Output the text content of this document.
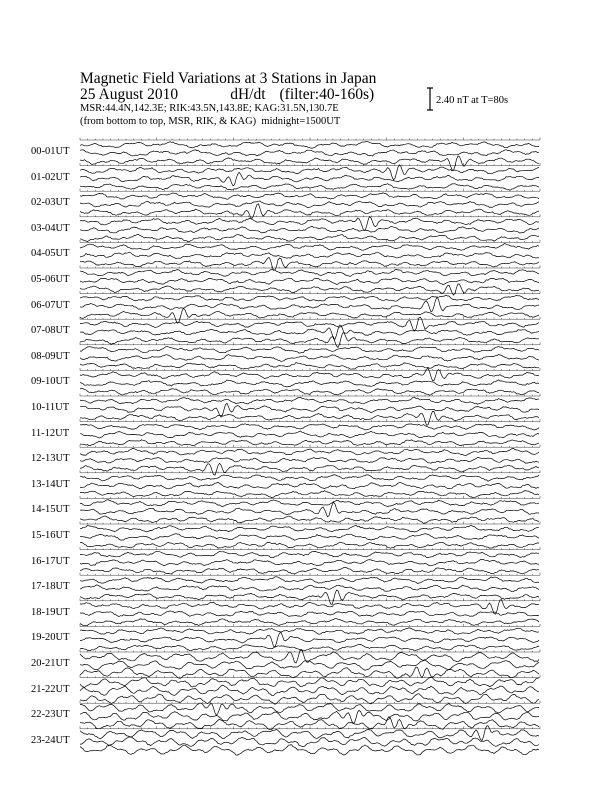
Magnetic Field Variations at 3 Stations in Japan
25 August 2010	dH/dt (filter:40-160s)
MSR:44.4N,142.3E; RIK:43.5N,143.8E; KAG:31.5N,130.7E
(from bottom to top, MSR, RIK, & KAG) midnight=1500UT
2.40 nT at T=80s
00-01UT
01-02UT
02-03UT
03-04UT
04-05UT
05-06UT
06-07UT
07-08UT
08-09UT
09-10UT
10-11UT
11-12UT
12-13UT
13-14UT
14-15UT
15-16UT
16-17UT
17-18UT
18-19UT
19-20UT
20-21UT
21-22UT
22-23UT
23-24UT
